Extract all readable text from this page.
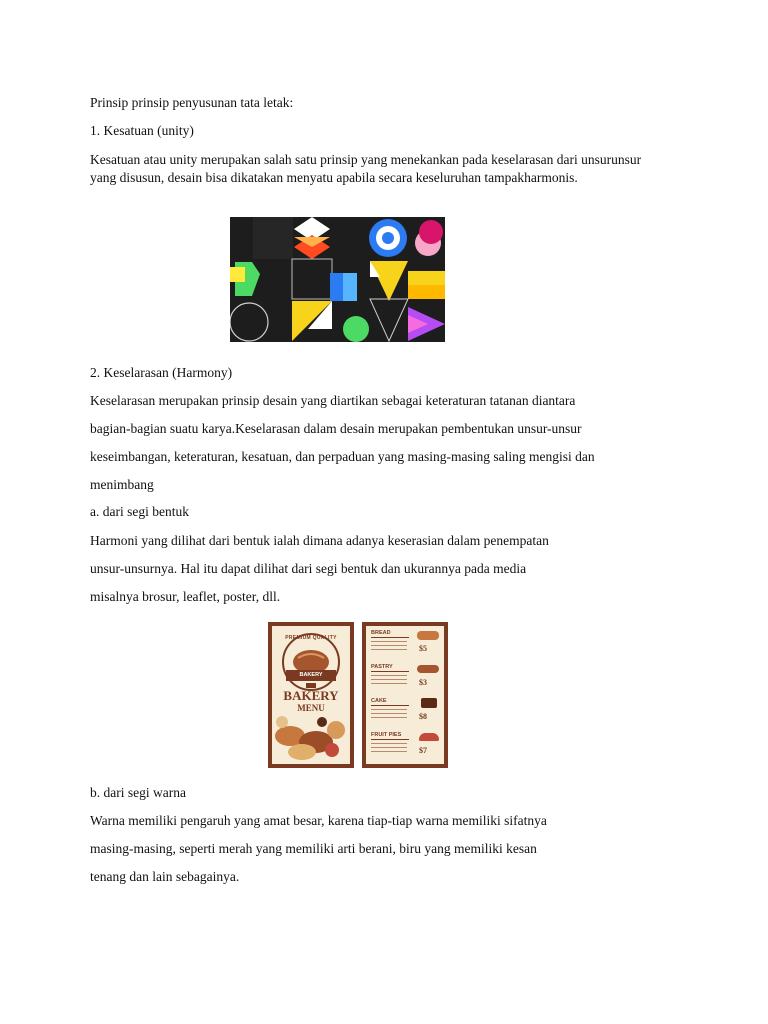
Prinsip prinsip penyusunan tata letak:
1. Kesatuan (unity)
Kesatuan atau unity merupakan salah satu prinsip yang menekankan pada keselarasan dari unsurunsur
yang disusun, desain bisa dikatakan menyatu apabila secara keseluruhan tampakharmonis.
2. Keselarasan (Harmony)
Keselarasan merupakan prinsip desain yang diartikan sebagai keteraturan tatanan diantara
bagian-bagian suatu karya.Keselarasan dalam desain merupakan pembentukan unsur-unsur
keseimbangan, keteraturan, kesatuan, dan perpaduan yang masing-masing saling mengisi dan
menimbang
a. dari segi bentuk
Harmoni yang dilihat dari bentuk ialah dimana adanya keserasian dalam penempatan
unsur-unsurnya. Hal itu dapat dilihat dari segi bentuk dan ukurannya pada media
misalnya brosur, leaflet, poster, dll.
PREMIUM QUALITY
BAKERY
BAKERY
MENU
BREAD
$5
PASTRY
$3
CAKE
$8
FRUIT PIES
$7
b. dari segi warna
Warna memiliki pengaruh yang amat besar, karena tiap-tiap warna memiliki sifatnya
masing-masing, seperti merah yang memiliki arti berani, biru yang memiliki kesan
tenang dan lain sebagainya.
